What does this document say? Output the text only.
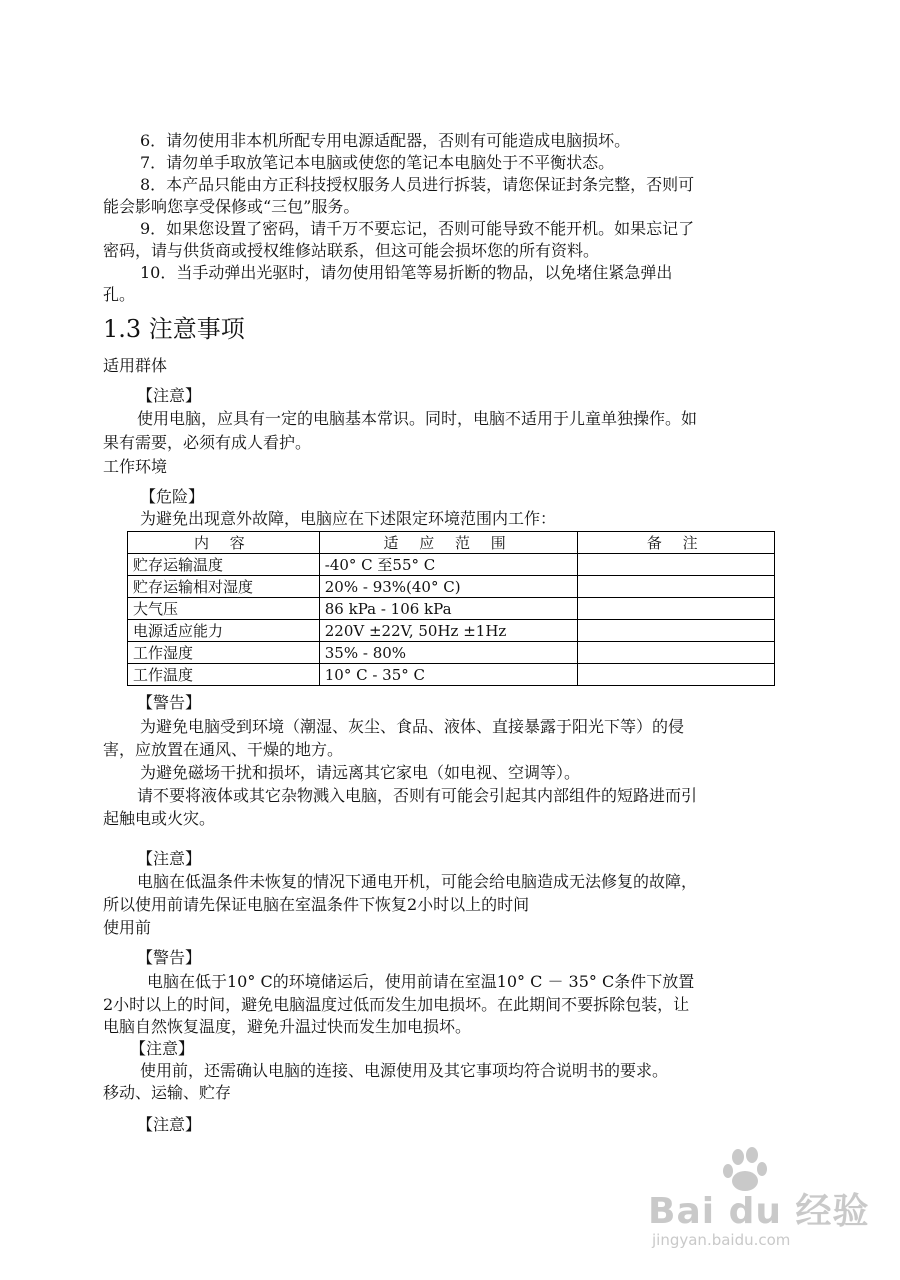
6．请勿使用非本机所配专用电源适配器，否则有可能造成电脑损坏。
7．请勿单手取放笔记本电脑或使您的笔记本电脑处于不平衡状态。
8．本产品只能由方正科技授权服务人员进行拆装，请您保证封条完整，否则可
能会影响您享受保修或“三包”服务。
9．如果您设置了密码，请千万不要忘记，否则可能导致不能开机。如果忘记了
密码，请与供货商或授权维修站联系，但这可能会损坏您的所有资料。
10．当手动弹出光驱时，请勿使用铅笔等易折断的物品，以免堵住紧急弹出
孔。
1.3 注意事项
适用群体
【注意】
使用电脑，应具有一定的电脑基本常识。同时，电脑不适用于儿童单独操作。如
果有需要，必须有成人看护。
工作环境
【危险】
为避免出现意外故障，电脑应在下述限定环境范围内工作：
内 容	适 应 范 围	备 注
贮存运输温度	-40° C 至55° C	
贮存运输相对湿度	20% - 93%(40° C)	
大气压	86 kPa - 106 kPa	
电源适应能力	220V ±22V, 50Hz ±1Hz	
工作湿度	35% - 80%	
工作温度	10° C - 35° C	
【警告】
为避免电脑受到环境（潮湿、灰尘、食品、液体、直接暴露于阳光下等）的侵
害，应放置在通风、干燥的地方。
为避免磁场干扰和损坏，请远离其它家电（如电视、空调等）。
请不要将液体或其它杂物溅入电脑，否则有可能会引起其内部组件的短路进而引
起触电或火灾。
【注意】
电脑在低温条件未恢复的情况下通电开机，可能会给电脑造成无法修复的故障，
所以使用前请先保证电脑在室温条件下恢复2小时以上的时间
使用前
【警告】
电脑在低于10° C的环境储运后，使用前请在室温10° C － 35° C条件下放置
2小时以上的时间，避免电脑温度过低而发生加电损坏。在此期间不要拆除包装，让
电脑自然恢复温度，避免升温过快而发生加电损坏。
【注意】
使用前，还需确认电脑的连接、电源使用及其它事项均符合说明书的要求。
移动、运输、贮存
【注意】
Bai du 经验
jingyan.baidu.com
